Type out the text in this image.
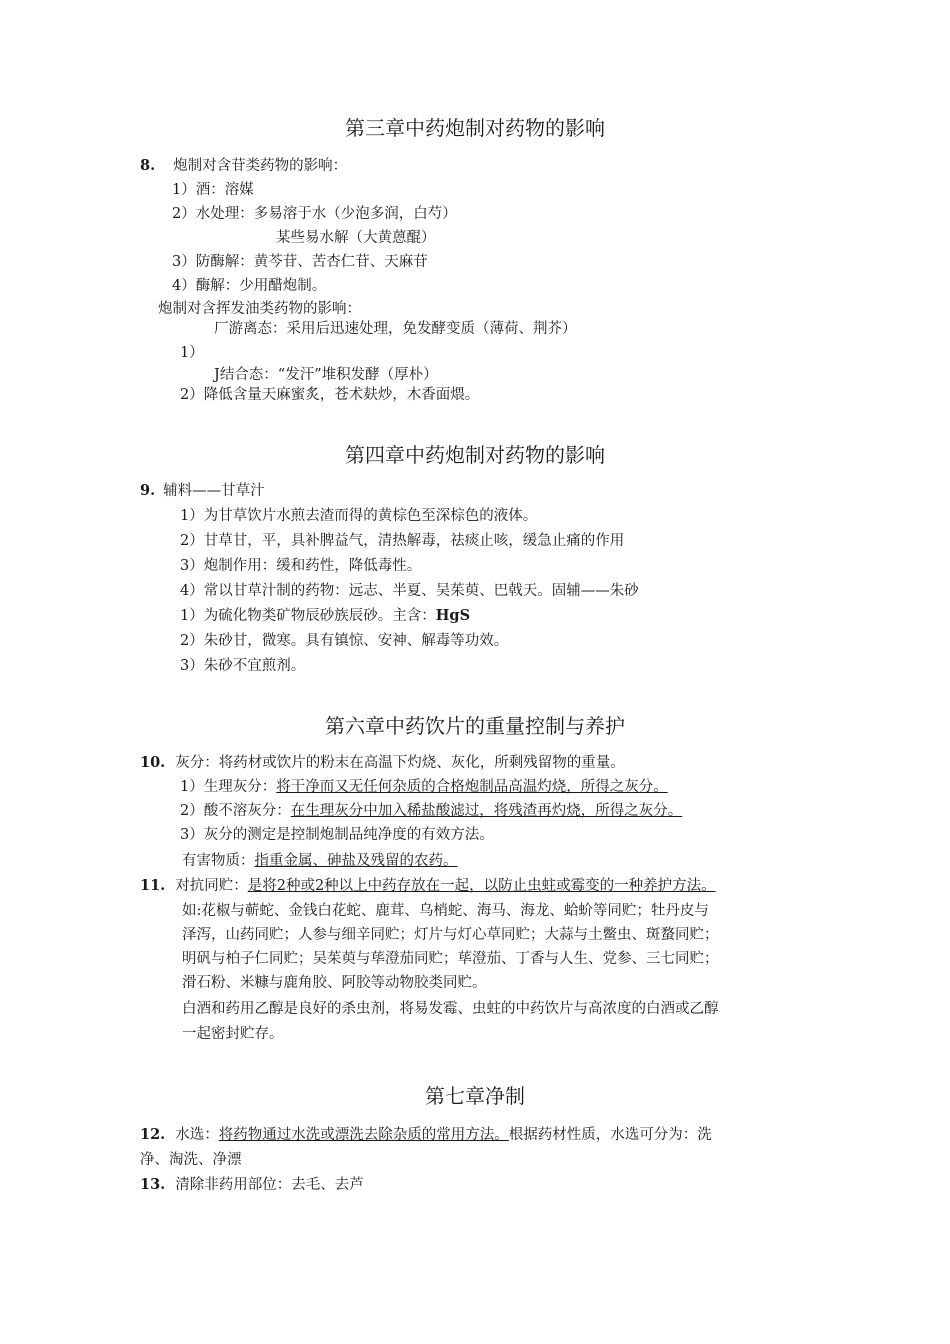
第三章中药炮制对药物的影响
8. 炮制对含苷类药物的影响：
1）酒：溶媒
2）水处理：多易溶于水（少泡多润，白芍）
某些易水解（大黄蒽醌）
3）防酶解：黄芩苷、苦杏仁苷、天麻苷
4）酶解：少用醋炮制。
炮制对含挥发油类药物的影响：
厂游离态：采用后迅速处理，免发酵变质（薄荷、荆芥）
1）
J结合态：“发汗”堆积发酵（厚朴）
2）降低含量天麻蜜炙，苍术麸炒，木香面煨。
第四章中药炮制对药物的影响
9. 辅料——甘草汁
1）为甘草饮片水煎去渣而得的黄棕色至深棕色的液体。
2）甘草甘，平，具补脾益气，清热解毒，祛痰止咳，缓急止痛的作用
3）炮制作用：缓和药性，降低毒性。
4）常以甘草汁制的药物：远志、半夏、吴茱萸、巴戟天。固辅——朱砂
1）为硫化物类矿物辰砂族辰砂。主含：HgS
2）朱砂甘，微寒。具有镇惊、安神、解毒等功效。
3）朱砂不宜煎剂。
第六章中药饮片的重量控制与养护
10. 灰分：将药材或饮片的粉末在高温下灼烧、灰化，所剩残留物的重量。
1）生理灰分：将干净而又无任何杂质的合格炮制品高温灼烧，所得之灰分。
2）酸不溶灰分：在生理灰分中加入稀盐酸滤过，将残渣再灼烧，所得之灰分。
3）灰分的测定是控制炮制品纯净度的有效方法。
有害物质：指重金属、砷盐及残留的农药。
11. 对抗同贮：是将2种或2种以上中药存放在一起，以防止虫蛀或霉变的一种养护方法。
如:花椒与蕲蛇、金钱白花蛇、鹿茸、乌梢蛇、海马、海龙、蛤蚧等同贮；牡丹皮与
泽泻，山药同贮；人参与细辛同贮；灯片与灯心草同贮；大蒜与土鳖虫、斑蝥同贮；
明矾与柏子仁同贮；吴茱萸与荜澄茄同贮；荜澄茄、丁香与人生、党参、三七同贮；
滑石粉、米糠与鹿角胶、阿胶等动物胶类同贮。
白酒和药用乙醇是良好的杀虫剂，将易发霉、虫蛀的中药饮片与高浓度的白酒或乙醇
一起密封贮存。
第七章净制
12. 水选：将药物通过水洗或漂洗去除杂质的常用方法。根据药材性质，水选可分为：洗
净、淘洗、净漂
13. 清除非药用部位：去毛、去芦
